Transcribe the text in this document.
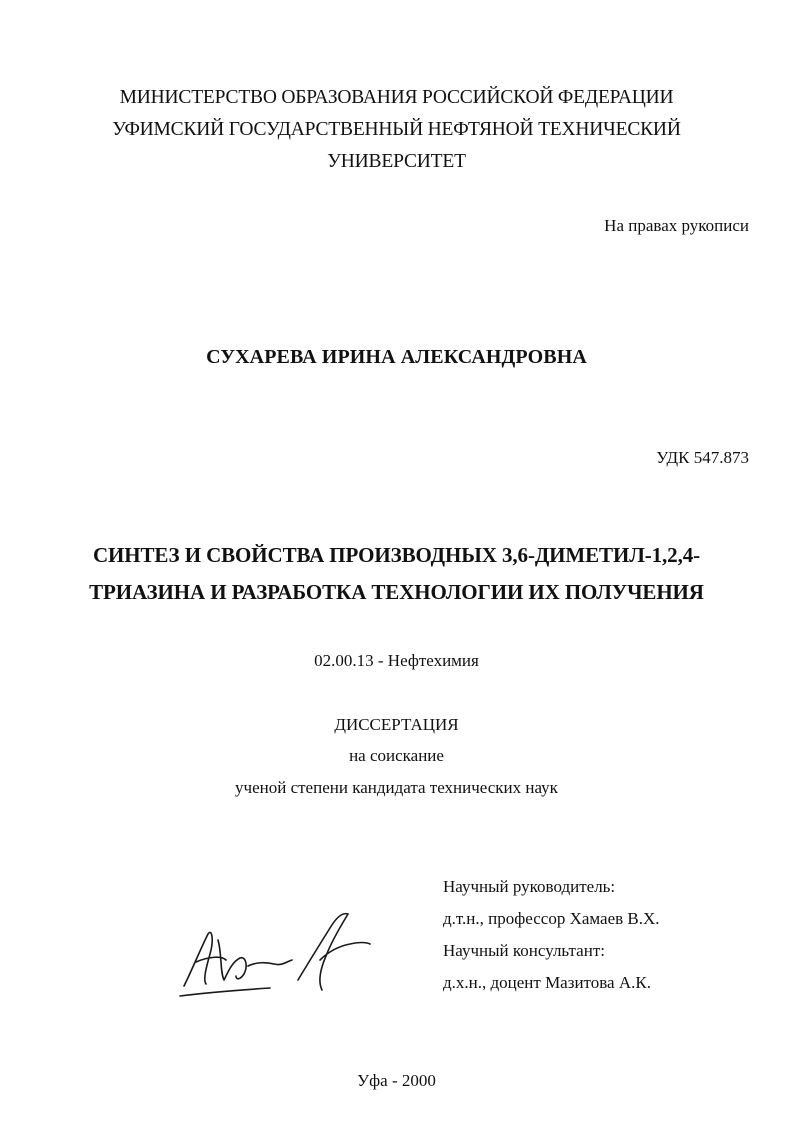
МИНИСТЕРСТВО ОБРАЗОВАНИЯ РОССИЙСКОЙ ФЕДЕРАЦИИ
УФИМСКИЙ ГОСУДАРСТВЕННЫЙ НЕФТЯНОЙ ТЕХНИЧЕСКИЙ
УНИВЕРСИТЕТ
На правах рукописи
СУХАРЕВА ИРИНА АЛЕКСАНДРОВНА
УДК 547.873
СИНТЕЗ И СВОЙСТВА ПРОИЗВОДНЫХ 3,6-ДИМЕТИЛ-1,2,4-
ТРИАЗИНА И РАЗРАБОТКА ТЕХНОЛОГИИ ИХ ПОЛУЧЕНИЯ
02.00.13 - Нефтехимия
ДИССЕРТАЦИЯ
на соискание
ученой степени кандидата технических наук
Научный руководитель:
д.т.н., профессор Хамаев В.Х.
Научный консультант:
д.х.н., доцент Мазитова А.К.
Уфа - 2000
